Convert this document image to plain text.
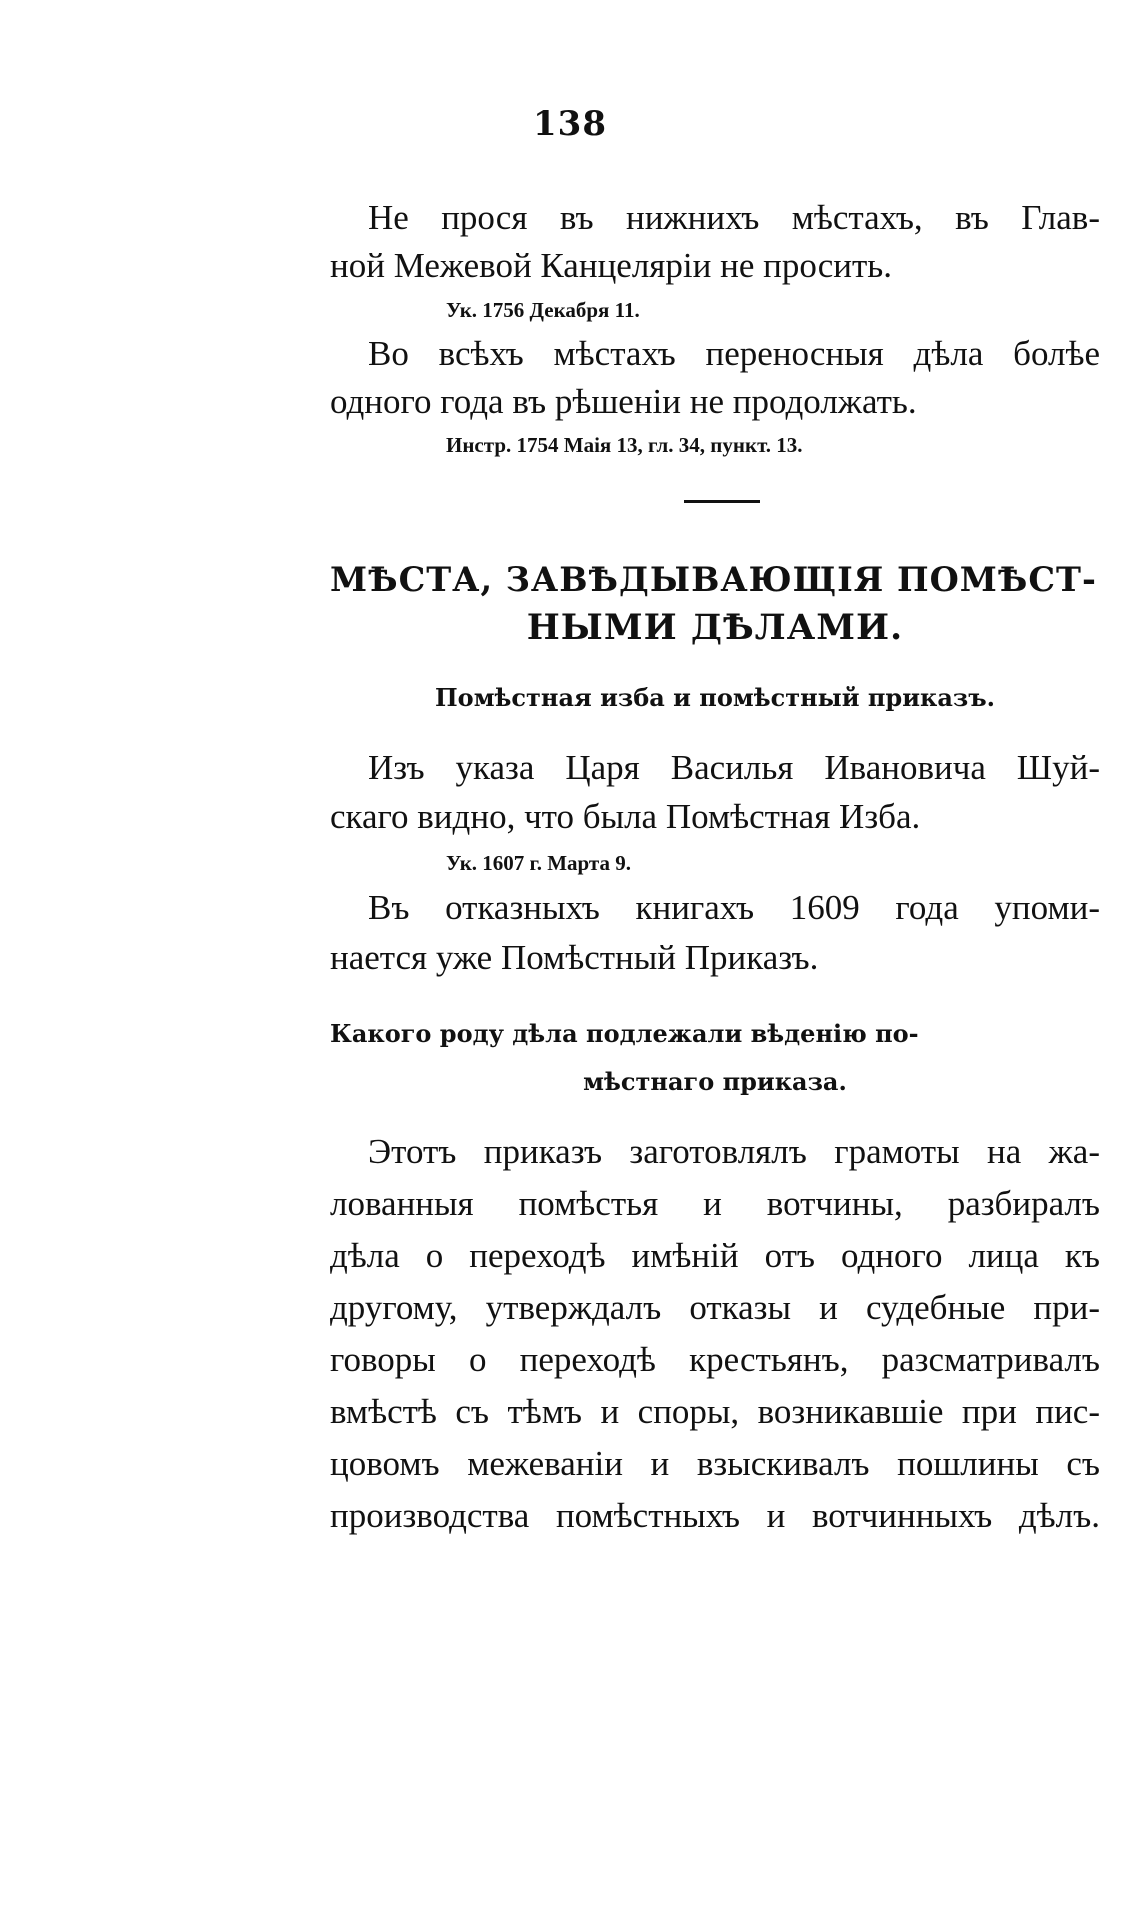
138
Не прося въ нижнихъ мѣстахъ, въ Глав-
ной Межевой Канцеляріи не просить.
Ук. 1756 Декабря 11.
Во всѣхъ мѣстахъ переносныя дѣла болѣе
одного года въ рѣшеніи не продолжать.
Инстр. 1754 Маія 13, гл. 34, пункт. 13.
МѢСТА, ЗАВѢДЫВАЮЩІЯ ПОМѢСТ-
НЫМИ ДѢЛАМИ.
Помѣстная изба и помѣстный приказъ.
Изъ указа Царя Василья Ивановича Шуй-
скаго видно, что была Помѣстная Изба.
Ук. 1607 г. Марта 9.
Въ отказныхъ книгахъ 1609 года упоми-
нается уже Помѣстный Приказъ.
Какого роду дѣла подлежали вѣденію по-
мѣстнаго приказа.
Этотъ приказъ заготовлялъ грамоты на жа-
лованныя помѣстья и вотчины, разбиралъ
дѣла о переходѣ имѣній отъ одного лица къ
другому, утверждалъ отказы и судебные при-
говоры о переходѣ крестьянъ, разсматривалъ
вмѣстѣ съ тѣмъ и споры, возникавшіе при пис-
цовомъ межеваніи и взыскивалъ пошлины съ
производства помѣстныхъ и вотчинныхъ дѣлъ.
